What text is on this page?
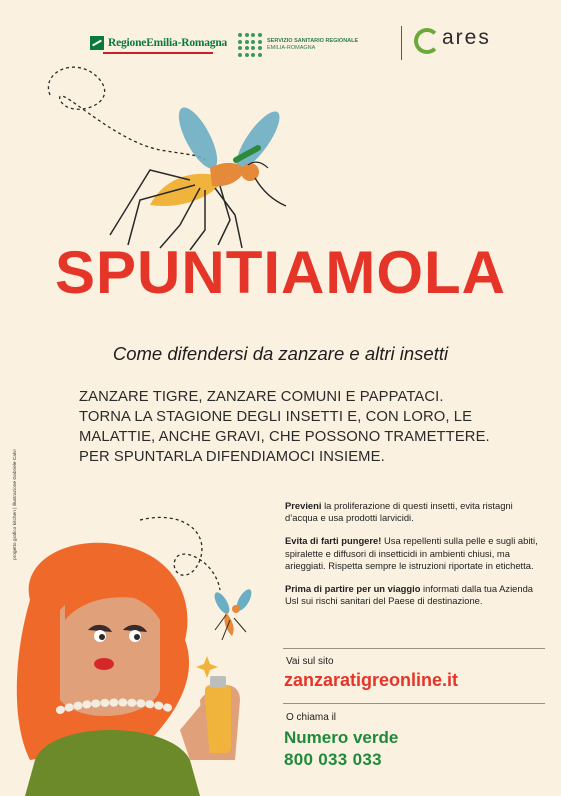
RegioneEmilia-Romagna	SERVIZIO SANITARIO REGIONALE
EMILIA-ROMAGNA	ares
SPUNTIAMOLA
Come difendersi da zanzare e altri insetti
ZANZARE TIGRE, ZANZARE COMUNI E PAPPATACI.
TORNA LA STAGIONE DEGLI INSETTI E, CON LORO, LE
MALATTIE, ANCHE GRAVI, CHE POSSONO TRAMETTERE.
PER SPUNTARLA DIFENDIAMOCI INSIEME.
progetto grafico kitchen | illustrazione Gabriele Calvi	Previeni la proliferazione di questi insetti, evita ristagni d’acqua e usa prodotti larvicidi.

Evita di farti pungere! Usa repellenti sulla pelle e sugli abiti, spiralette e diffusori di insetticidi in ambienti chiusi, ma arieggiati. Rispetta sempre le istruzioni riportate in etichetta.

Prima di partire per un viaggio informati dalla tua Azienda Usl sui rischi sanitari del Paese di destinazione.

Vai sul sito
zanzaratigreonline.it
O chiama il
Numero verde
800 033 033
